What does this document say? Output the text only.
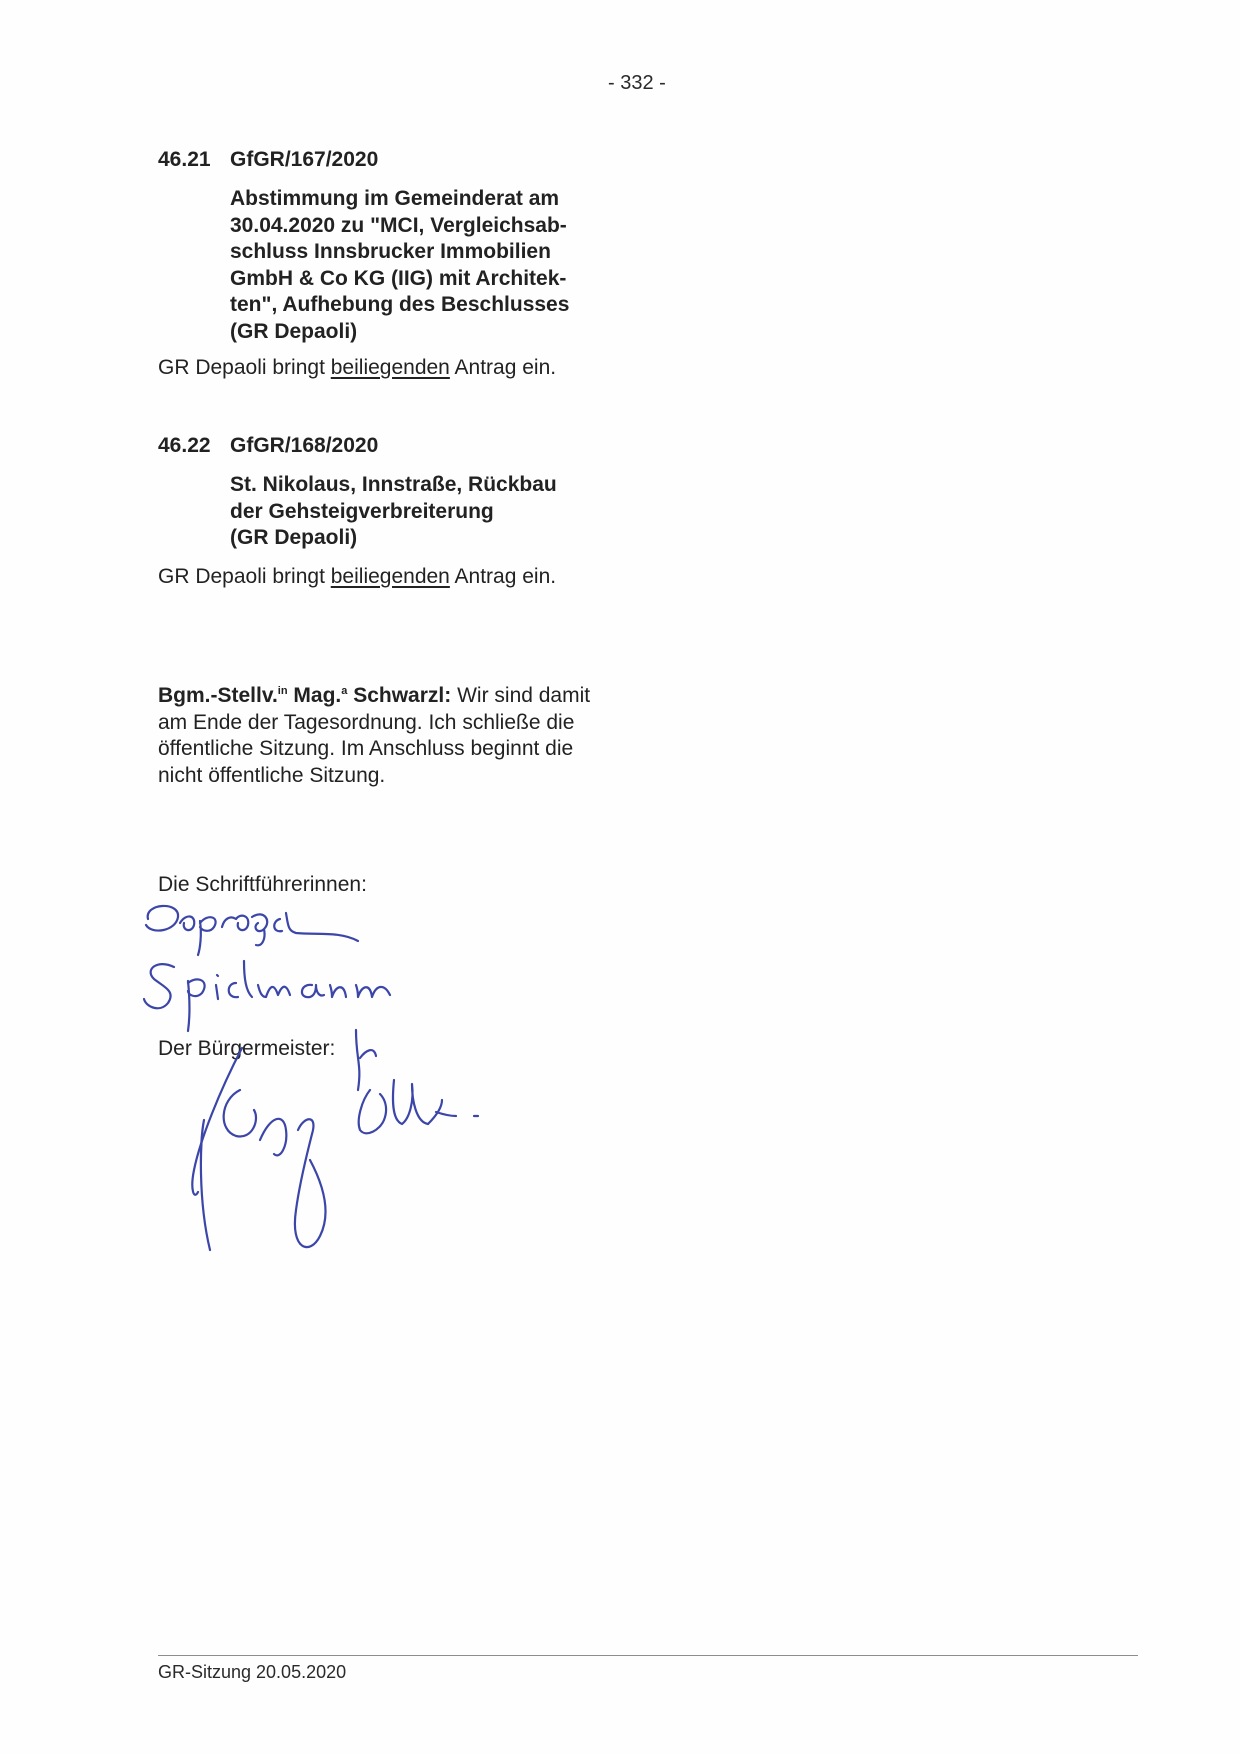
- 332 -
46.21 GfGR/167/2020
Abstimmung im Gemeinderat am
30.04.2020 zu "MCI, Vergleichsab-
schluss Innsbrucker Immobilien
GmbH & Co KG (IIG) mit Architek-
ten", Aufhebung des Beschlusses
(GR Depaoli)
GR Depaoli bringt beiliegenden Antrag ein.
46.22 GfGR/168/2020
St. Nikolaus, Innstraße, Rückbau
der Gehsteigverbreiterung
(GR Depaoli)
GR Depaoli bringt beiliegenden Antrag ein.
Bgm.-Stellv.$^{in}$ Mag.$^a$ Schwarzl: Wir sind damit am Ende der Tagesordnung. Ich schließe die öffentliche Sitzung. Im Anschluss beginnt die nicht öffentliche Sitzung.
Die Schriftführerinnen:
Der Bürgermeister:
GR-Sitzung 20.05.2020
